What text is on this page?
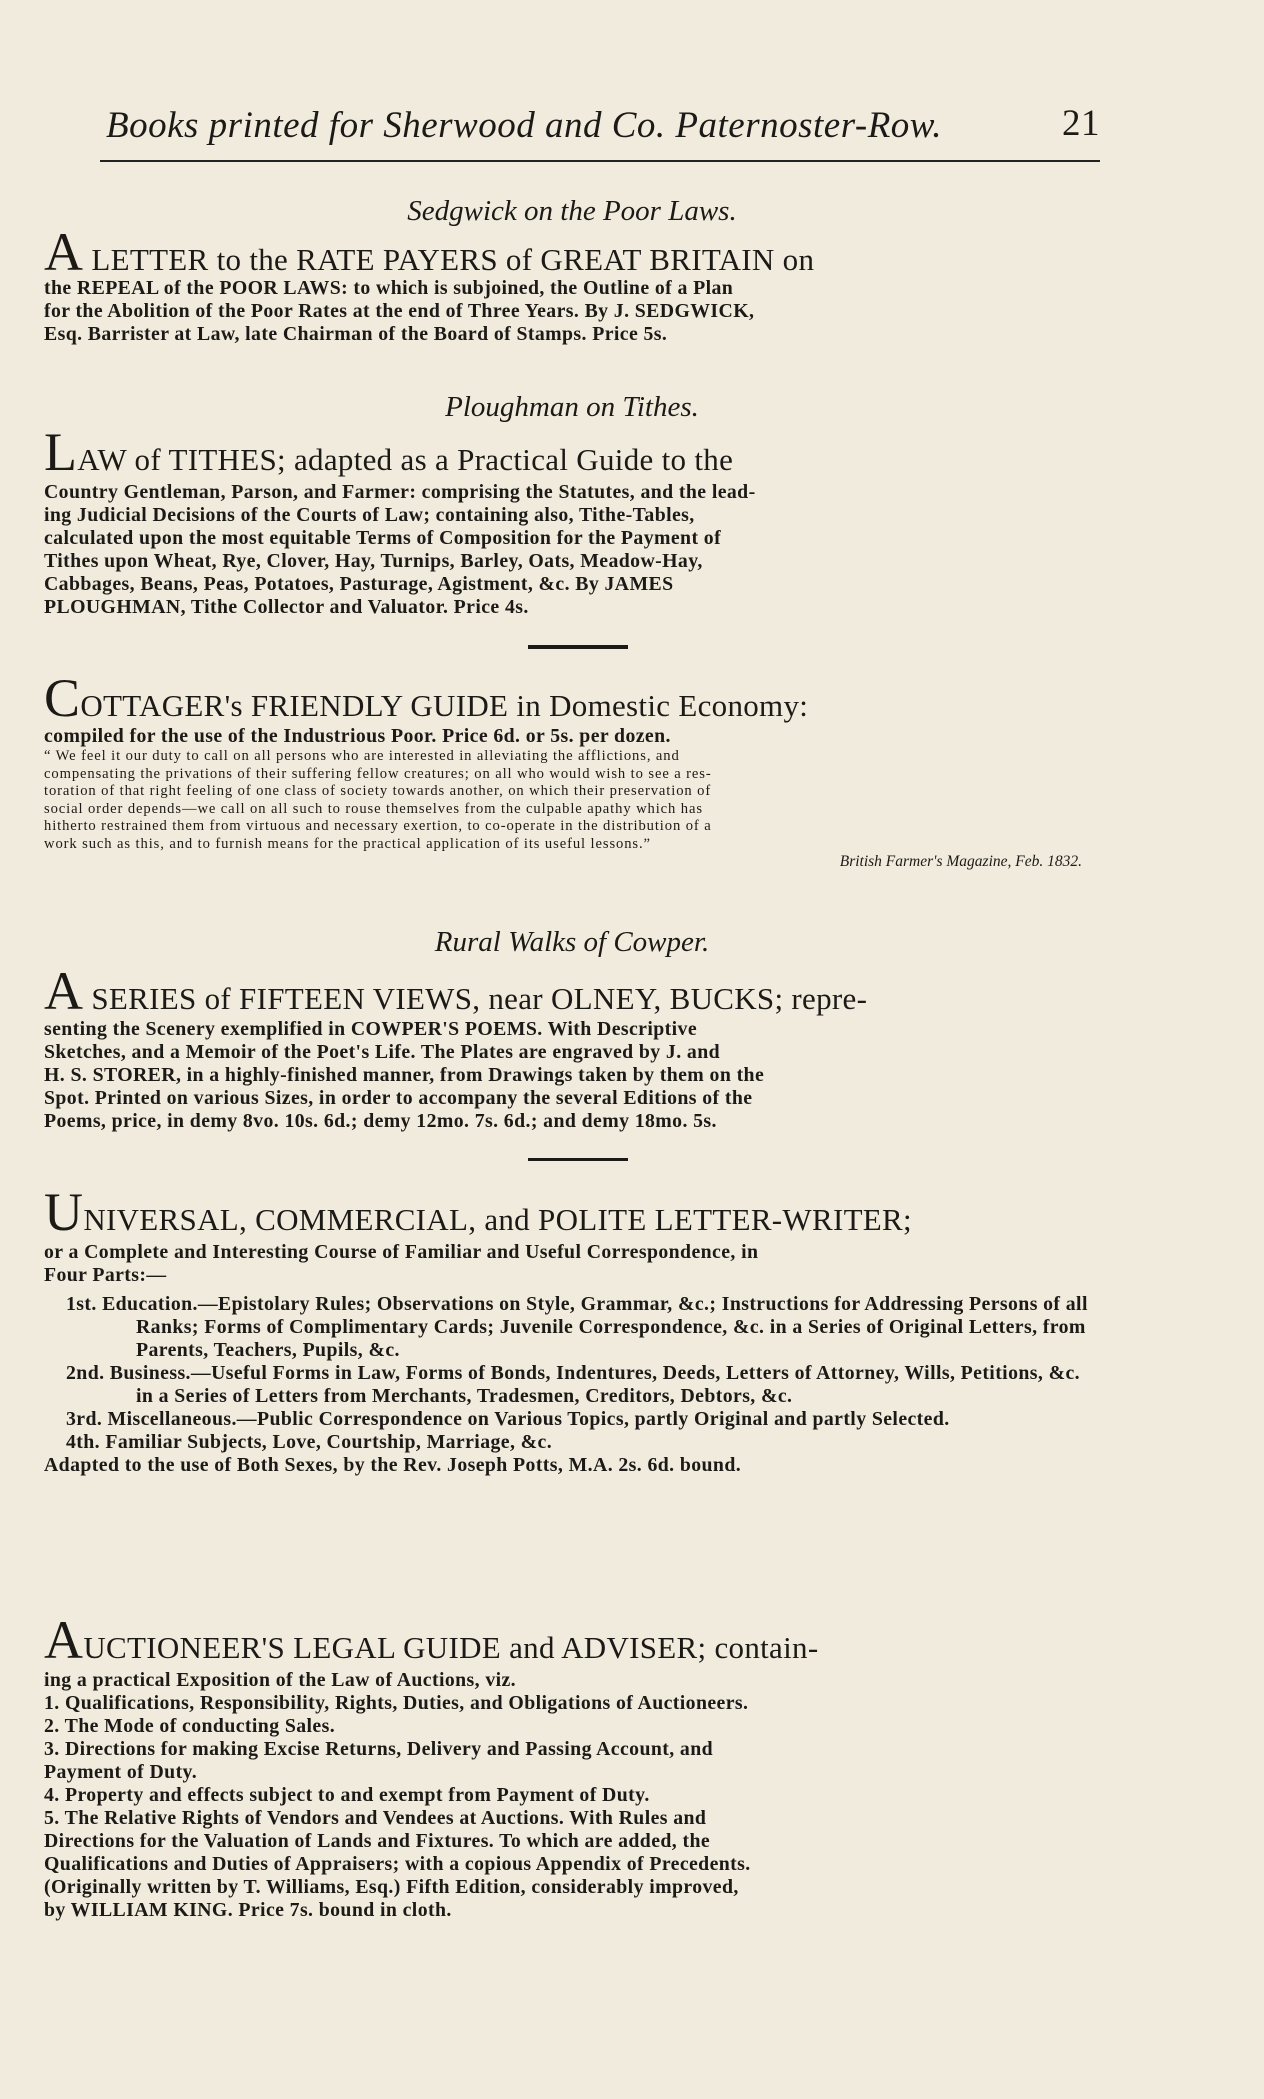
Books printed for Sherwood and Co. Paternoster-Row.	21
Sedgwick on the Poor Laws.
A LETTER to the RATE PAYERS of GREAT BRITAIN on
the REPEAL of the POOR LAWS: to which is subjoined, the Outline of a Plan
for the Abolition of the Poor Rates at the end of Three Years. By J. SEDGWICK,
Esq. Barrister at Law, late Chairman of the Board of Stamps. Price 5s.
Ploughman on Tithes.
LAW of TITHES; adapted as a Practical Guide to the
Country Gentleman, Parson, and Farmer: comprising the Statutes, and the lead-
ing Judicial Decisions of the Courts of Law; containing also, Tithe-Tables,
calculated upon the most equitable Terms of Composition for the Payment of
Tithes upon Wheat, Rye, Clover, Hay, Turnips, Barley, Oats, Meadow-Hay,
Cabbages, Beans, Peas, Potatoes, Pasturage, Agistment, &c. By JAMES
PLOUGHMAN, Tithe Collector and Valuator. Price 4s.
COTTAGER's FRIENDLY GUIDE in Domestic Economy:
compiled for the use of the Industrious Poor. Price 6d. or 5s. per dozen.
“ We feel it our duty to call on all persons who are interested in alleviating the afflictions, and
compensating the privations of their suffering fellow creatures; on all who would wish to see a res-
toration of that right feeling of one class of society towards another, on which their preservation of
social order depends—we call on all such to rouse themselves from the culpable apathy which has
hitherto restrained them from virtuous and necessary exertion, to co-operate in the distribution of a
work such as this, and to furnish means for the practical application of its useful lessons.”
British Farmer's Magazine, Feb. 1832.
Rural Walks of Cowper.
A SERIES of FIFTEEN VIEWS, near OLNEY, BUCKS; repre-
senting the Scenery exemplified in COWPER'S POEMS. With Descriptive
Sketches, and a Memoir of the Poet's Life. The Plates are engraved by J. and
H. S. STORER, in a highly-finished manner, from Drawings taken by them on the
Spot. Printed on various Sizes, in order to accompany the several Editions of the
Poems, price, in demy 8vo. 10s. 6d.; demy 12mo. 7s. 6d.; and demy 18mo. 5s.
UNIVERSAL, COMMERCIAL, and POLITE LETTER-WRITER;
or a Complete and Interesting Course of Familiar and Useful Correspondence, in
Four Parts:—
1st. Education.—Epistolary Rules; Observations on Style, Grammar, &c.; Instructions for Addressing Persons of all Ranks; Forms of Complimentary Cards; Juvenile Correspondence, &c. in a Series of Original Letters, from Parents, Teachers, Pupils, &c.
2nd. Business.—Useful Forms in Law, Forms of Bonds, Indentures, Deeds, Letters of Attorney, Wills, Petitions, &c. in a Series of Letters from Merchants, Tradesmen, Creditors, Debtors, &c.
3rd. Miscellaneous.—Public Correspondence on Various Topics, partly Original and partly Selected.
4th. Familiar Subjects, Love, Courtship, Marriage, &c.
Adapted to the use of Both Sexes, by the Rev. Joseph Potts, M.A. 2s. 6d. bound.
AUCTIONEER'S LEGAL GUIDE and ADVISER; contain-
ing a practical Exposition of the Law of Auctions, viz.
1. Qualifications, Responsibility, Rights, Duties, and Obligations of Auctioneers.
2. The Mode of conducting Sales.
3. Directions for making Excise Returns, Delivery and Passing Account, and
Payment of Duty.
4. Property and effects subject to and exempt from Payment of Duty.
5. The Relative Rights of Vendors and Vendees at Auctions. With Rules and
Directions for the Valuation of Lands and Fixtures. To which are added, the
Qualifications and Duties of Appraisers; with a copious Appendix of Precedents.
(Originally written by T. Williams, Esq.) Fifth Edition, considerably improved,
by WILLIAM KING. Price 7s. bound in cloth.
